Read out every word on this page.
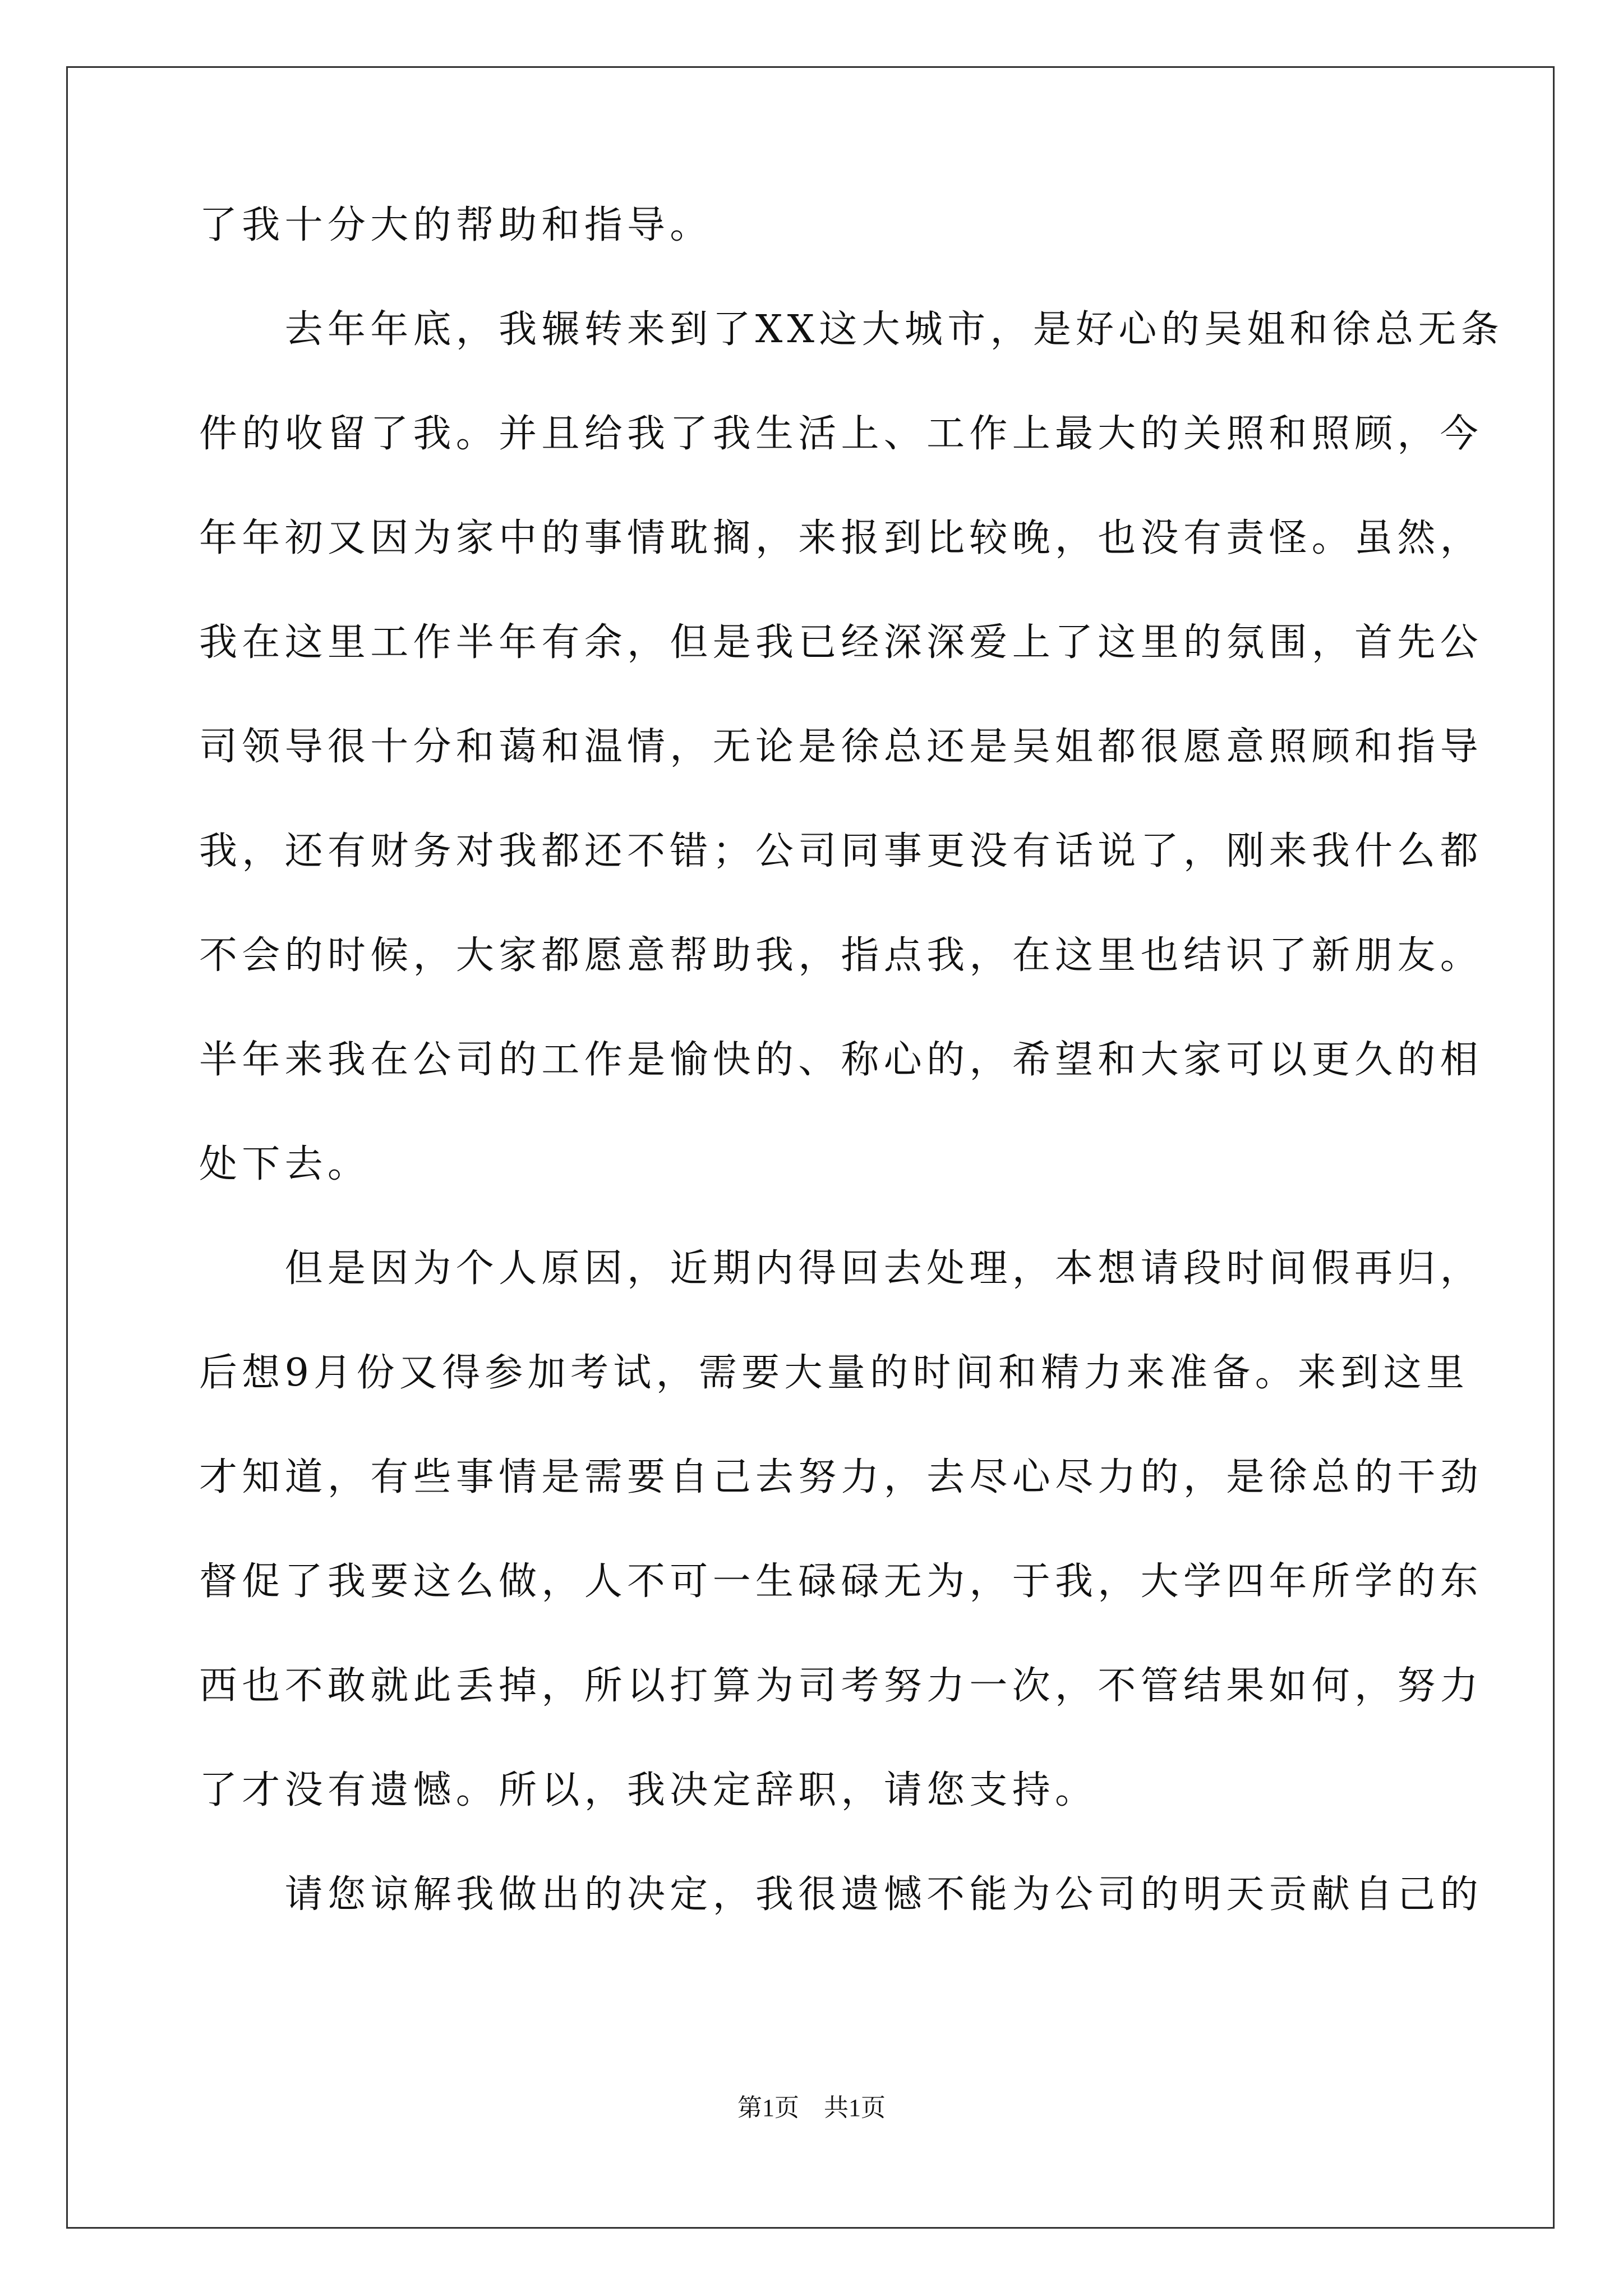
了我十分大的帮助和指导。
　　去年年底，我辗转来到了XX这大城市，是好心的吴姐和徐总无条
件的收留了我。并且给我了我生活上、工作上最大的关照和照顾，今
年年初又因为家中的事情耽搁，来报到比较晚，也没有责怪。虽然，
我在这里工作半年有余，但是我已经深深爱上了这里的氛围，首先公
司领导很十分和蔼和温情，无论是徐总还是吴姐都很愿意照顾和指导
我，还有财务对我都还不错；公司同事更没有话说了，刚来我什么都
不会的时候，大家都愿意帮助我，指点我，在这里也结识了新朋友。
半年来我在公司的工作是愉快的、称心的，希望和大家可以更久的相
处下去。
　　但是因为个人原因，近期内得回去处理，本想请段时间假再归，
后想9月份又得参加考试，需要大量的时间和精力来准备。来到这里
才知道，有些事情是需要自己去努力，去尽心尽力的，是徐总的干劲
督促了我要这么做，人不可一生碌碌无为，于我，大学四年所学的东
西也不敢就此丢掉，所以打算为司考努力一次，不管结果如何，努力
了才没有遗憾。所以，我决定辞职，请您支持。
　　请您谅解我做出的决定，我很遗憾不能为公司的明天贡献自己的
第1页 共1页
